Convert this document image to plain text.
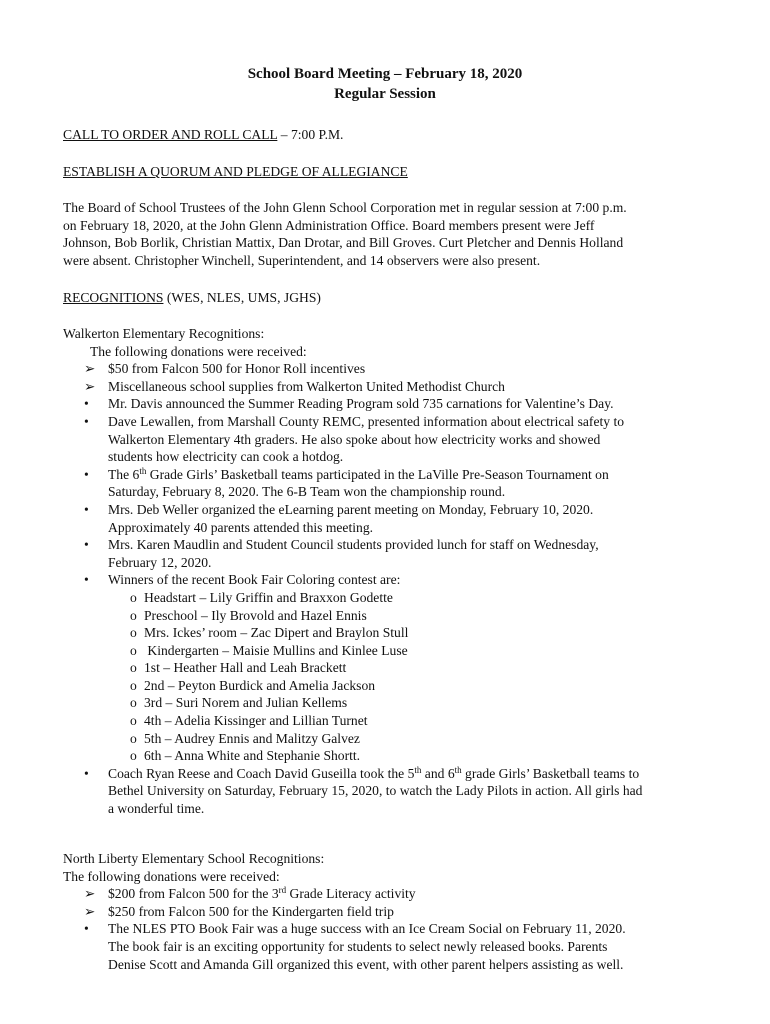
School Board Meeting – February 18, 2020
Regular Session
CALL TO ORDER AND ROLL CALL – 7:00 P.M.
ESTABLISH A QUORUM AND PLEDGE OF ALLEGIANCE
The Board of School Trustees of the John Glenn School Corporation met in regular session at 7:00 p.m.
on February 18, 2020, at the John Glenn Administration Office. Board members present were Jeff
Johnson, Bob Borlik, Christian Mattix, Dan Drotar, and Bill Groves. Curt Pletcher and Dennis Holland
were absent. Christopher Winchell, Superintendent, and 14 observers were also present.
RECOGNITIONS (WES, NLES, UMS, JGHS)
Walkerton Elementary Recognitions:
The following donations were received:
➢ $50 from Falcon 500 for Honor Roll incentives
➢ Miscellaneous school supplies from Walkerton United Methodist Church
•	Mr. Davis announced the Summer Reading Program sold 735 carnations for Valentine’s Day.
•	Dave Lewallen, from Marshall County REMC, presented information about electrical safety to
Walkerton Elementary 4th graders. He also spoke about how electricity works and showed
students how electricity can cook a hotdog.
•	The 6th Grade Girls’ Basketball teams participated in the LaVille Pre-Season Tournament on
Saturday, February 8, 2020. The 6-B Team won the championship round.
•	Mrs. Deb Weller organized the eLearning parent meeting on Monday, February 10, 2020.
Approximately 40 parents attended this meeting.
•	Mrs. Karen Maudlin and Student Council students provided lunch for staff on Wednesday,
February 12, 2020.
•	Winners of the recent Book Fair Coloring contest are:
o Headstart – Lily Griffin and Braxxon Godette
o Preschool – Ily Brovold and Hazel Ennis
o Mrs. Ickes’ room – Zac Dipert and Braylon Stull
o Kindergarten – Maisie Mullins and Kinlee Luse
o 1st – Heather Hall and Leah Brackett
o 2nd – Peyton Burdick and Amelia Jackson
o 3rd – Suri Norem and Julian Kellems
o 4th – Adelia Kissinger and Lillian Turnet
o 5th – Audrey Ennis and Malitzy Galvez
o 6th – Anna White and Stephanie Shortt.
•	Coach Ryan Reese and Coach David Guseilla took the 5th and 6th grade Girls’ Basketball teams to
Bethel University on Saturday, February 15, 2020, to watch the Lady Pilots in action. All girls had
a wonderful time.
North Liberty Elementary School Recognitions:
The following donations were received:
➢ $200 from Falcon 500 for the 3rd Grade Literacy activity
➢ $250 from Falcon 500 for the Kindergarten field trip
•	The NLES PTO Book Fair was a huge success with an Ice Cream Social on February 11, 2020.
The book fair is an exciting opportunity for students to select newly released books. Parents
Denise Scott and Amanda Gill organized this event, with other parent helpers assisting as well.
